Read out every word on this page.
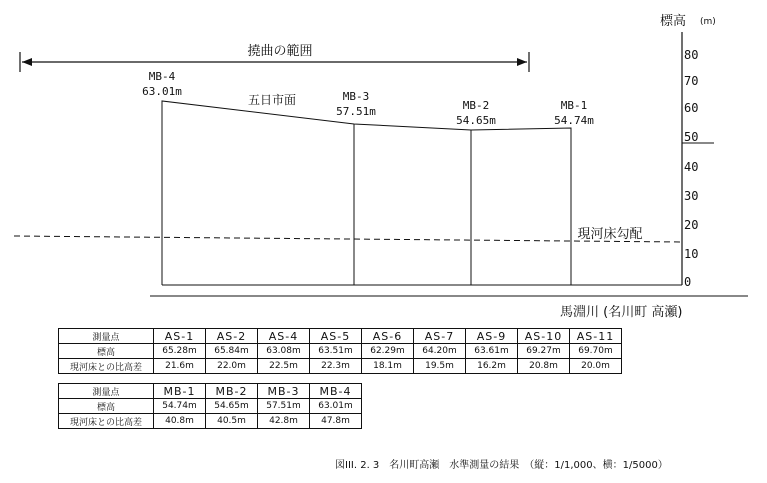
撓曲の範囲
五日市面
MB-4
63.01m	MB-3
57.51m	MB-2
54.65m
MB-1
54.74m
現河床勾配
標高 (m)
80
70
60
50
40
30
20
10
0
馬淵川 (名川町 高瀬)
測量点	AS-1	AS-2	AS-4	AS-5	AS-6	AS-7	AS-9	AS-10	AS-11
標高	65.28m	65.84m	63.08m	63.51m	62.29m	64.20m	63.61m	69.27m	69.70m
現河床との比高差	21.6m	22.0m	22.5m	22.3m	18.1m	19.5m	16.2m	20.8m	20.0m
測量点	MB-1	MB-2	MB-3	MB-4
標高	54.74m	54.65m	57.51m	63.01m
現河床との比高差	40.8m	40.5m	42.8m	47.8m
図III. 2. 3　名川町高瀬　水準測量の結果　（縦：1/1,000、横：1/5000）
